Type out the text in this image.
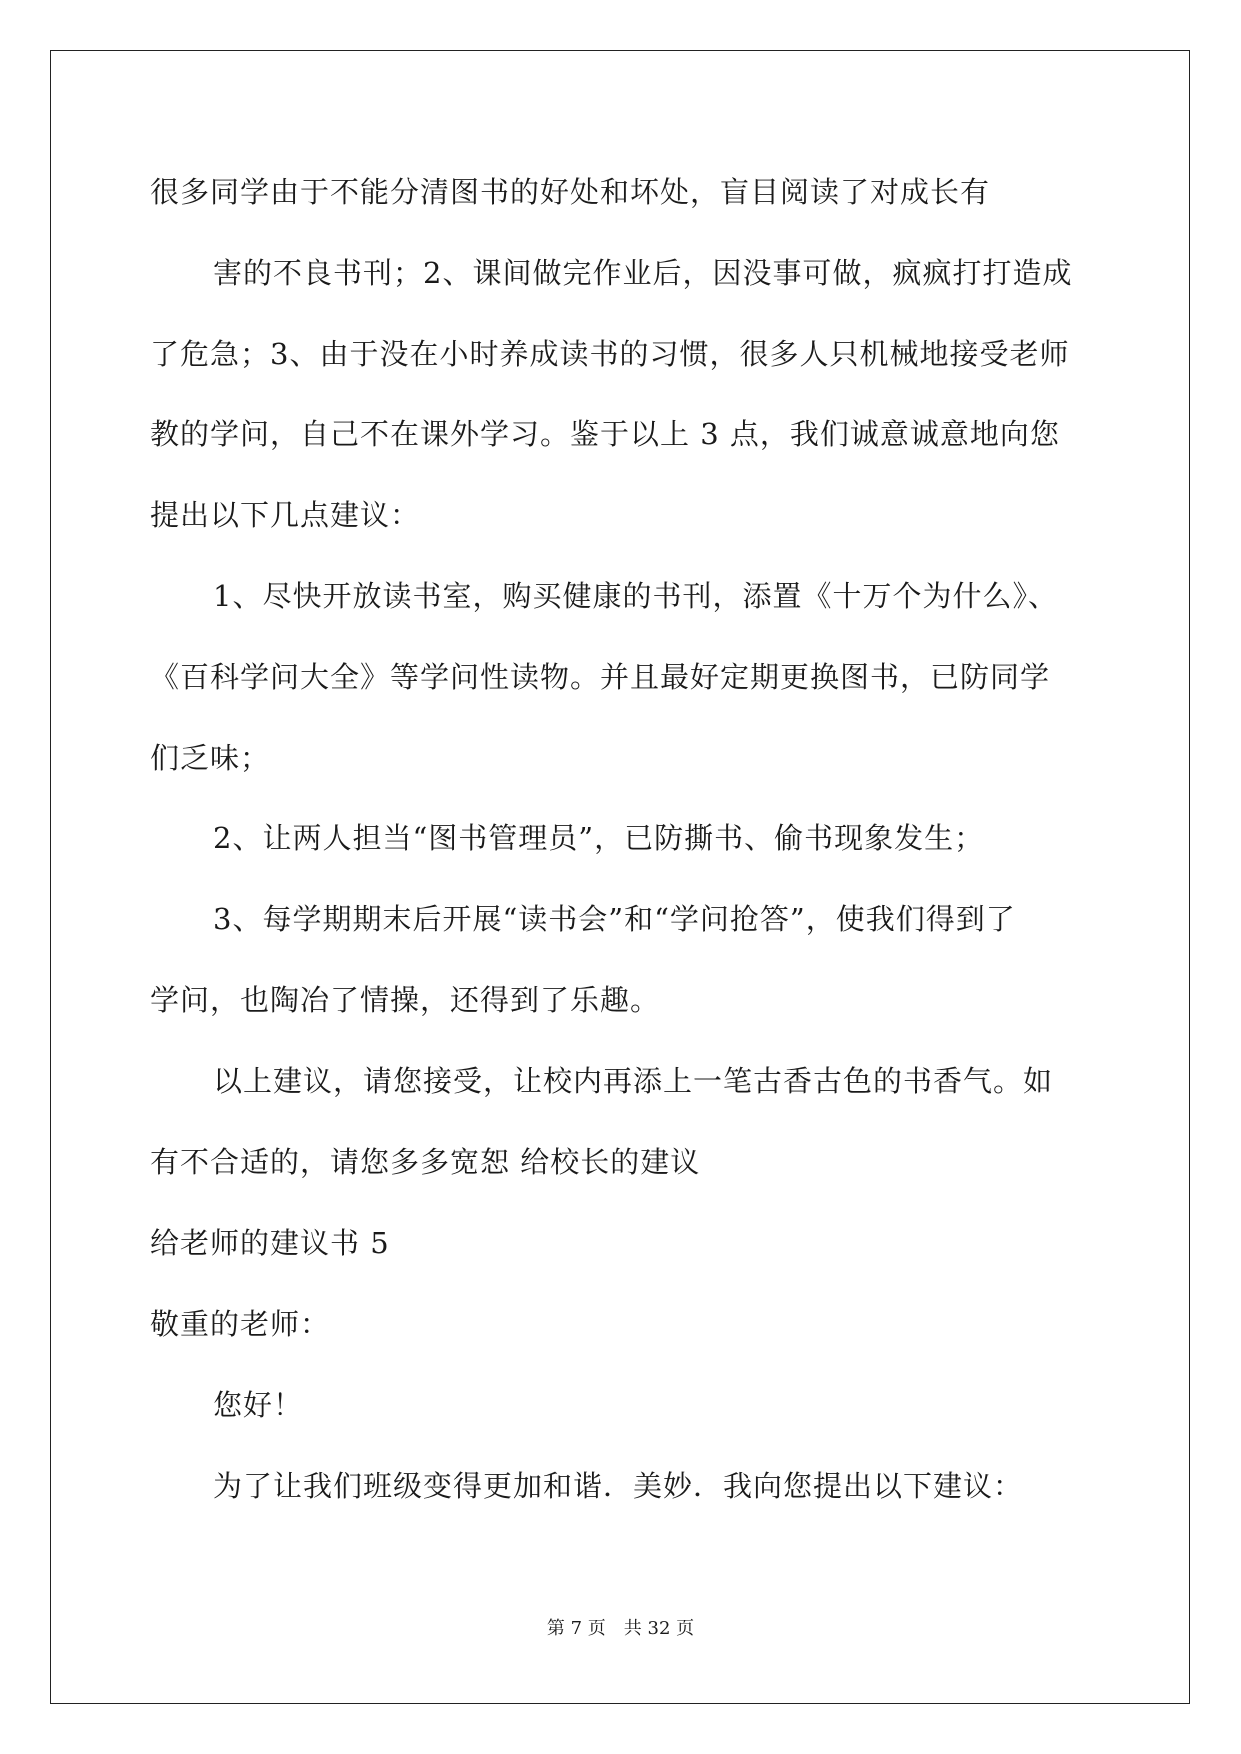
很多同学由于不能分清图书的好处和坏处，盲目阅读了对成长有
害的不良书刊；2、课间做完作业后，因没事可做，疯疯打打造成
了危急；3、由于没在小时养成读书的习惯，很多人只机械地接受老师
教的学问，自己不在课外学习。鉴于以上 3 点，我们诚意诚意地向您
提出以下几点建议：
1、尽快开放读书室，购买健康的书刊，添置《十万个为什么》、
《百科学问大全》等学问性读物。并且最好定期更换图书，已防同学
们乏味；
2、让两人担当“图书管理员”，已防撕书、偷书现象发生；
3、每学期期末后开展“读书会”和“学问抢答”，使我们得到了
学问，也陶冶了情操，还得到了乐趣。
以上建议，请您接受，让校内再添上一笔古香古色的书香气。如
有不合适的，请您多多宽恕 给校长的建议
给老师的建议书 5
敬重的老师：
您好！
为了让我们班级变得更加和谐．美妙．我向您提出以下建议：
第 7 页　共 32 页
